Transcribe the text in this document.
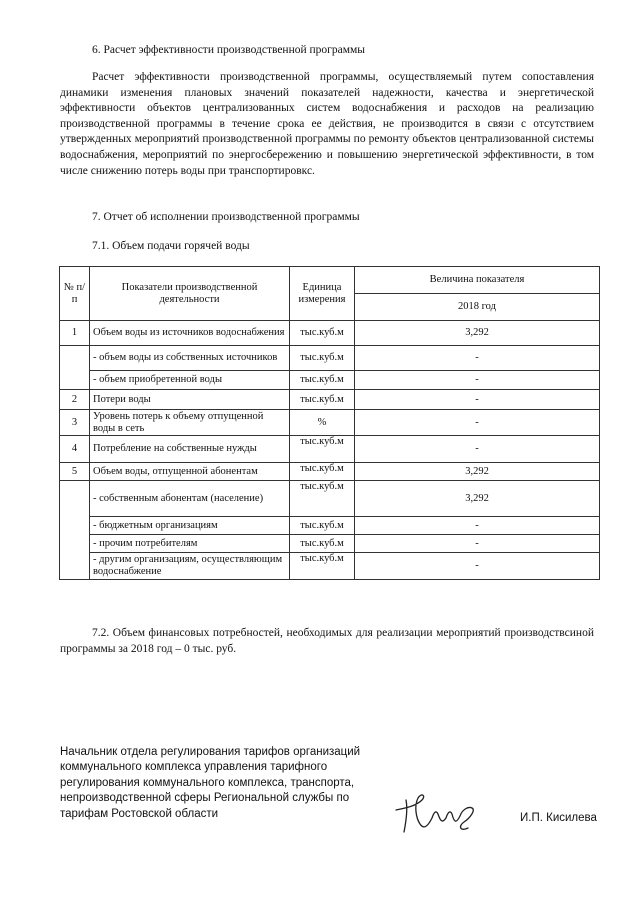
6. Расчет эффективности производственной программы
Расчет эффективности производственной программы, осуществляемый путем сопоставления динамики изменения плановых значений показателей надежности, качества и энергетической эффективности объектов централизованных систем водоснабжения и расходов на реализацию производственной программы в течение срока ее действия, не производится в связи с отсутствием утвержденных мероприятий производственной программы по ремонту объектов централизованной системы водоснабжения, мероприятий по энергосбережению и повышению энергетической эффективности, в том числе снижению потерь воды при транспортировкс.
7. Отчет об исполнении производственной программы
7.1. Объем подачи горячей воды
№ п/п	Показатели производственной деятельности	Единица измерения	Величина показателя
			2018 год
1	Объем воды из источников водоснабжения	тыс.куб.м	3,292
	- объем воды из собственных источников	тыс.куб.м	-
	- объем приобретенной воды	тыс.куб.м	-
2	Потери воды	тыс.куб.м	-
3	Уровень потерь к объему отпущенной воды в сеть	%	-
4	Потребление на собственные нужды	тыс.куб.м	-
5	Объем воды, отпущенной абонентам	тыс.куб.м	3,292
	- собственным абонентам (население)	тыс.куб.м	3,292
	- бюджетным организациям	тыс.куб.м	-
	- прочим потребителям	тыс.куб.м	-
	- другим организациям, осуществляющим водоснабжение	тыс.куб.м	-
7.2. Объем финансовых потребностей, необходимых для реализации мероприятий производствсиной программы за 2018 год – 0 тыс. руб.
Начальник отдела регулирования тарифов организаций
коммунального комплекса управления тарифного
регулирования коммунального комплекса, транспорта,
непроизводственной сферы Региональной службы по
тарифам Ростовской области	И.П. Кисилева
